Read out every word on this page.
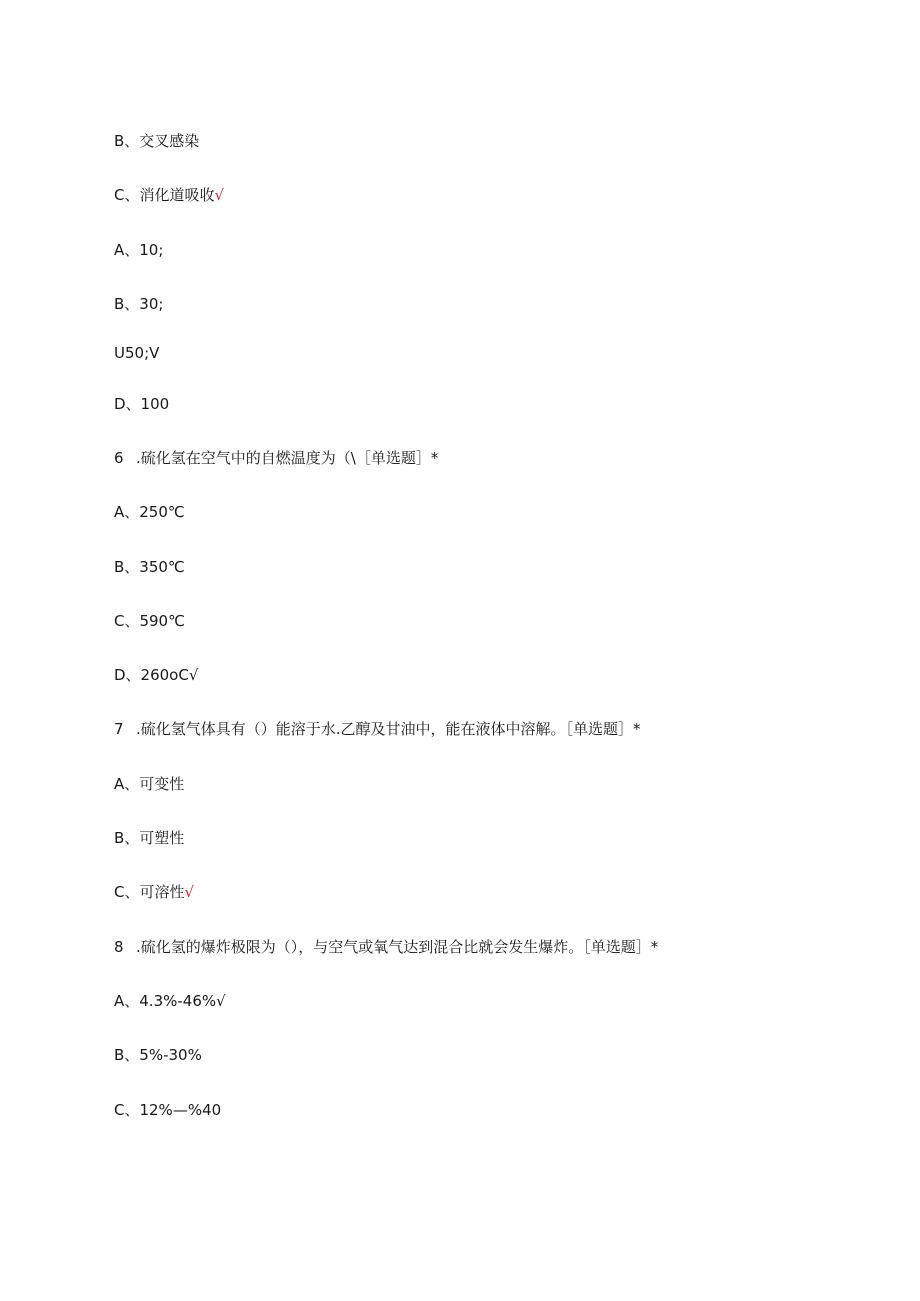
B、交叉感染
C、消化道吸收√
A、10;
B、30;
U50;V
D、100
6 .硫化氢在空气中的自燃温度为（\［单选题］*
A、250℃
B、350℃
C、590℃
D、260oC√
7 .硫化氢气体具有（）能溶于水.乙醇及甘油中，能在液体中溶解。［单选题］*
A、可变性
B、可塑性
C、可溶性√
8 .硫化氢的爆炸极限为（），与空气或氧气达到混合比就会发生爆炸。［单选题］*
A、4.3%-46%√
B、5%-30%
C、12%—%40
